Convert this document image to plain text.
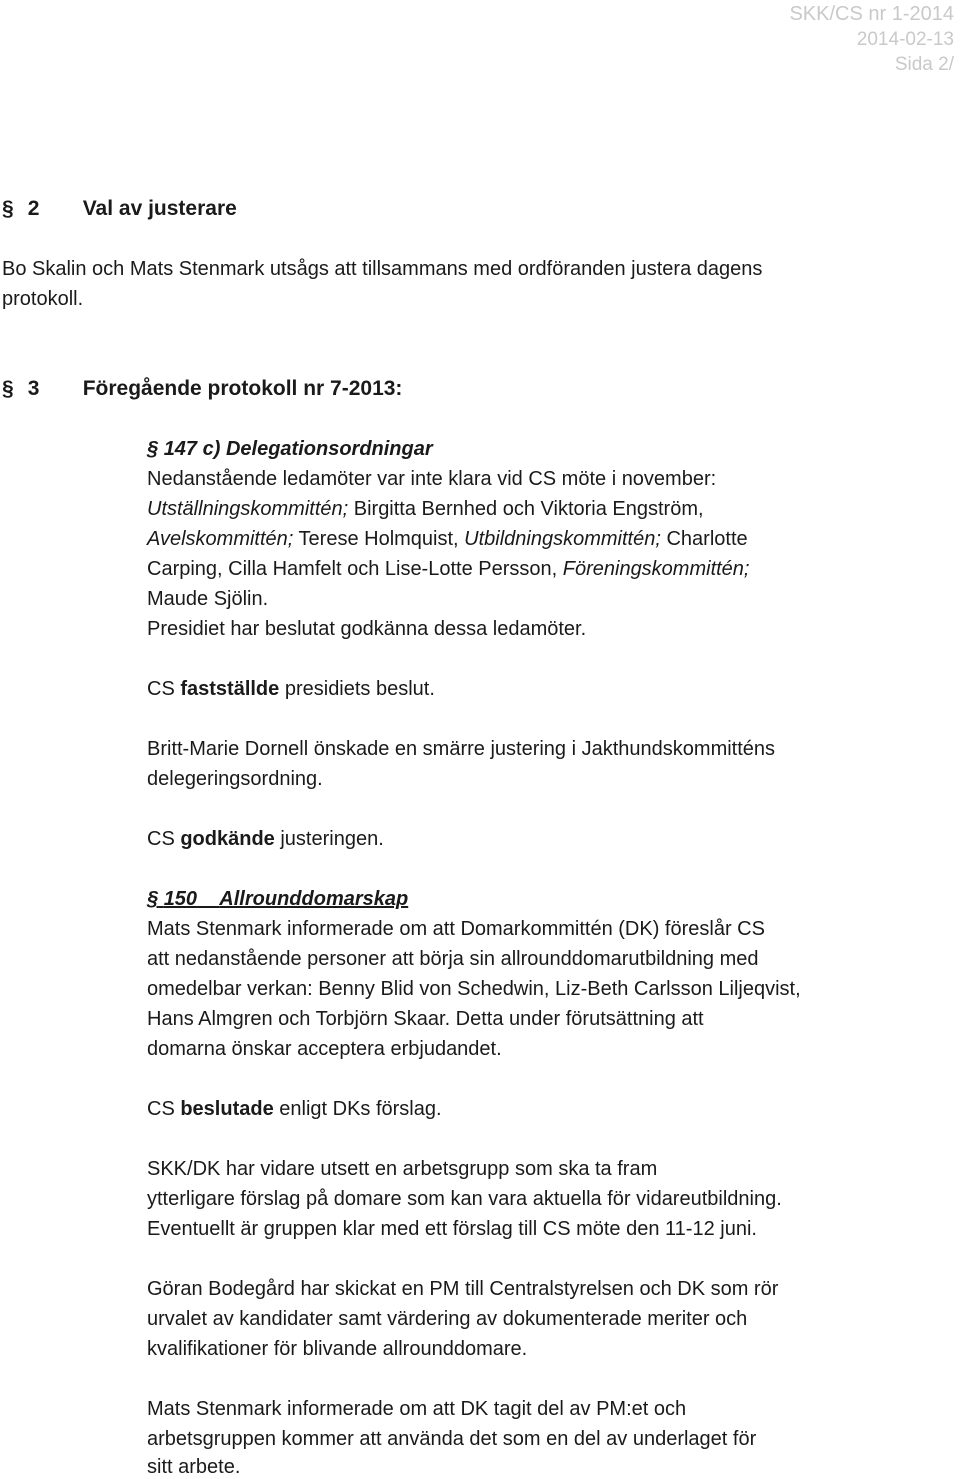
SKK/CS nr 1-2014
2014-02-13
Sida 2/
§ 2 Val av justerare
Bo Skalin och Mats Stenmark utsågs att tillsammans med ordföranden justera dagens
protokoll.
§ 3 Föregående protokoll nr 7-2013:
§ 147 c) Delegationsordningar
Nedanstående ledamöter var inte klara vid CS möte i november:
Utställningskommittén; Birgitta Bernhed och Viktoria Engström,
Avelskommittén; Terese Holmquist, Utbildningskommittén; Charlotte
Carping, Cilla Hamfelt och Lise-Lotte Persson, Föreningskommittén;
Maude Sjölin.
Presidiet har beslutat godkänna dessa ledamöter.
CS fastställde presidiets beslut.
Britt-Marie Dornell önskade en smärre justering i Jakthundskommitténs
delegeringsordning.
CS godkände justeringen.
§ 150 Allrounddomarskap
Mats Stenmark informerade om att Domarkommittén (DK) föreslår CS
att nedanstående personer att börja sin allrounddomarutbildning med
omedelbar verkan: Benny Blid von Schedwin, Liz-Beth Carlsson Liljeqvist,
Hans Almgren och Torbjörn Skaar. Detta under förutsättning att
domarna önskar acceptera erbjudandet.
CS beslutade enligt DKs förslag.
SKK/DK har vidare utsett en arbetsgrupp som ska ta fram
ytterligare förslag på domare som kan vara aktuella för vidareutbildning.
Eventuellt är gruppen klar med ett förslag till CS möte den 11-12 juni.
Göran Bodegård har skickat en PM till Centralstyrelsen och DK som rör
urvalet av kandidater samt värdering av dokumenterade meriter och
kvalifikationer för blivande allrounddomare.
Mats Stenmark informerade om att DK tagit del av PM:et och
arbetsgruppen kommer att använda det som en del av underlaget för
sitt arbete.
